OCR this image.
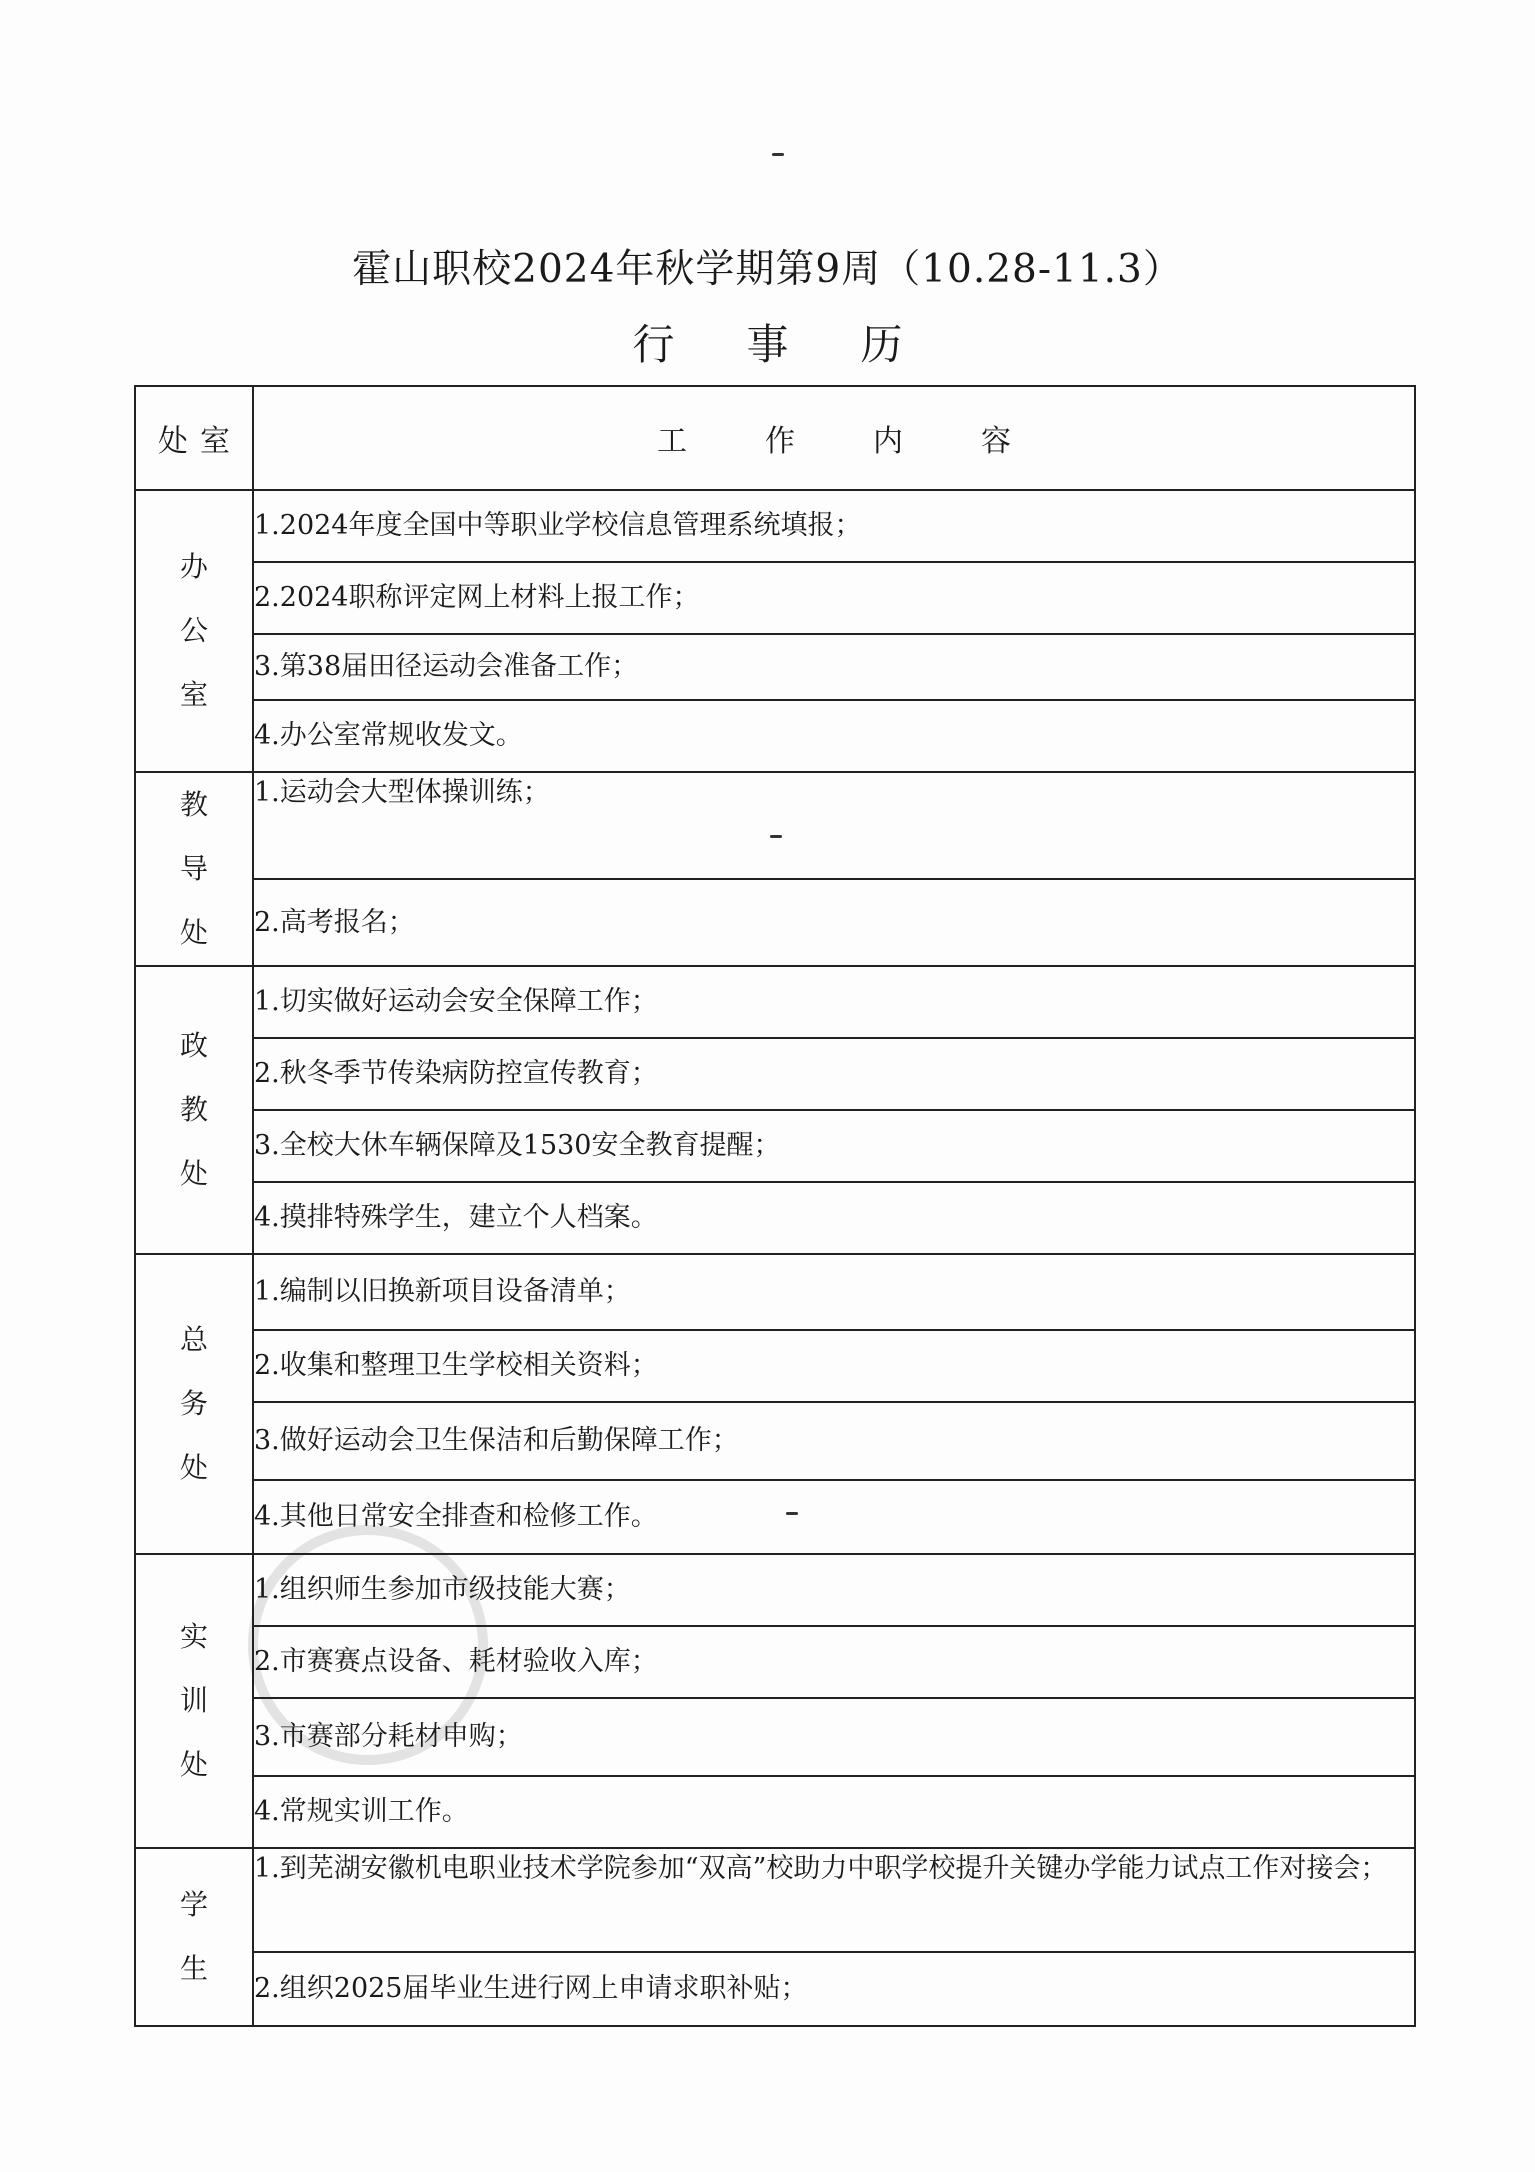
霍山职校2024年秋学期第9周（10.28-11.3）
行事历
处室	工作内容

办
公
室	1.2024年度全国中等职业学校信息管理系统填报；
	2.2024职称评定网上材料上报工作；
	3.第38届田径运动会准备工作；
	4.办公室常规收发文。

教
导
处	1.运动会大型体操训练；
	2.高考报名；

政
教
处	1.切实做好运动会安全保障工作；
	2.秋冬季节传染病防控宣传教育；
	3.全校大休车辆保障及1530安全教育提醒；
	4.摸排特殊学生，建立个人档案。

总
务
处	1.编制以旧换新项目设备清单；
	2.收集和整理卫生学校相关资料；
	3.做好运动会卫生保洁和后勤保障工作；
	4.其他日常安全排查和检修工作。

实
训
处	1.组织师生参加市级技能大赛；
	2.市赛赛点设备、耗材验收入库；
	3.市赛部分耗材申购；
	4.常规实训工作。

学
生	1.到芜湖安徽机电职业技术学院参加“双高”校助力中职学校提升关键办学能力试点工作对接会；
	2.组织2025届毕业生进行网上申请求职补贴；
